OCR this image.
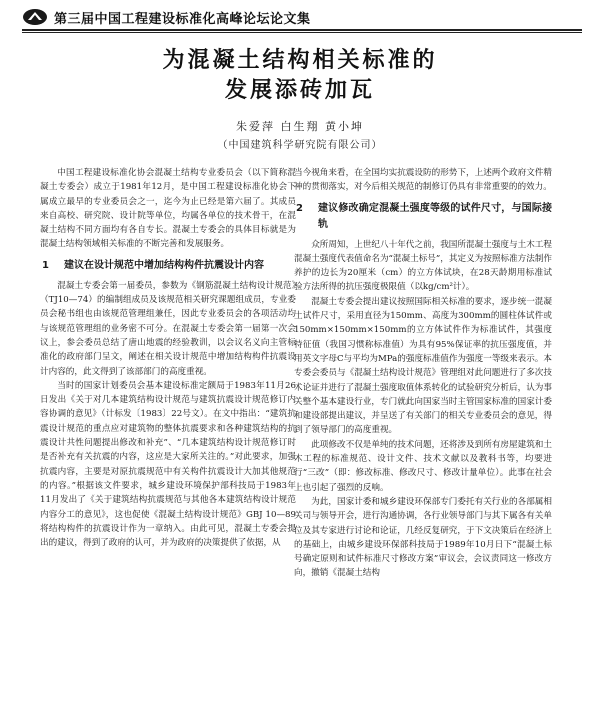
第三届中国工程建设标准化高峰论坛论文集
为混凝土结构相关标准的
发展添砖加瓦
朱爱萍 白生翔 黄小坤
（中国建筑科学研究院有限公司）

中国工程建设标准化协会混凝土结构专业委员会（以下简称混凝土专委会）成立于1981年12月，是中国工程建设标准化协会下属成立最早的专业委员会之一，迄今为止已经是第六届了。其成员来自高校、研究院、设计院等单位，均属各单位的技术骨干，在混凝土结构不同方面均有各自专长。混凝土专委会的具体目标就是为混凝土结构领域相关标准的不断完善和发展服务。

1	建议在设计规范中增加结构构件抗震设计内容

混凝土专委会第一届委员，参数为《钢筋混凝土结构设计规范》（TJ10—74）的编制组成员及该规范相关研究课题组成员，专业委员会秘书组也由该规范管理组兼任，因此专业委员会的各项活动均与该规范管理组的业务密不可分。在混凝土专委会第一届第一次会议上，参会委员总结了唐山地震的经验教训，以会议名义向主管标准化的政府部门呈文，阐述在相关设计规范中增加结构构件抗震设计内容的，此文得到了该部部门的高度重视。

当时的国家计划委员会基本建设标准定额局于1983年11月26日发出《关于对几本建筑结构设计规范与建筑抗震设计规范修订内容协调的意见》（计标发〔1983〕22号文）。在文中指出：“建筑抗震设计规范的重点应对建筑物的整体抗震要求和各种建筑结构的抗震设计共性问题提出修改和补充”、“几本建筑结构设计规范修订时是否补充有关抗震的内容，这应是大家所关注的。”对此要求，加强抗震内容，主要是对原抗震规范中有关构件抗震设计大加其他规范的内容。”根据该文件要求，城乡建设环境保护部科技局于1983年11月发出了《关于建筑结构抗震规范与其他各本建筑结构设计规范内容分工的意见》，这也促使《混凝土结构设计规范》GBJ 10—89将结构构件的抗震设计作为一章纳入。由此可见，混凝土专委会提出的建议，得到了政府的认可，并为政府的决策提供了依据，从

当今视角来看，在全国均实抗震设防的形势下，上述两个政府文件精神的贯彻落实，对今后相关规范的制修订仍具有非常重要的的效力。

2	建议修改确定混凝土强度等级的试件尺寸，与国际接轨

众所周知，上世纪八十年代之前，我国所混凝土强度与土木工程混凝土强度代表值命名为“混凝土标号”，其定义为按照标准方法制作养护的边长为20厘米（cm）的立方体试块，在28天龄期用标准试验方法所得的抗压强度极限值（以kg/cm²计）。

混凝土专委会提出建议按照国际相关标准的要求，逐步统一混凝土试件尺寸，采用直径为150mm、高度为300mm的圆柱体试件或150mm×150mm×150mm的立方体试件作为标准试件，其强度特征值（我国习惯称标准值）为具有95%保证率的抗压强度值，并用英文字母C与平均为MPa的强度标准值作为强度一等级来表示。本专委会委员与《混凝土结构设计规范》管理组对此问题进行了多次技术论证并进行了混凝土强度取值体系转化的试验研究分析后，认为事关整个基本建设行业，专门就此向国家当时主管国家标准的国家计委和建设部提出建议，并呈送了有关部门的相关专业委员会的意见，得到了领导部门的高度重视。

此项修改不仅是单纯的技术问题，还将涉及到所有房屋建筑和土木工程的标准规范、设计文件、技术文献以及教科书等，均要进行“三改”（即：修改标准、修改尺寸、修改计量单位）。此事在社会上也引起了强烈的反响。

为此，国家计委和城乡建设环保部专门委托有关行业的各部属相关司与领导开会，进行沟通协调，各行业领导部门与其下属各有关单位及其专家进行讨论和论证，几经反复研究，于下文决策后在经济上的基础上，由城乡建设环保部科技局于1989年10月日下“混凝土标号确定原则和试件标准尺寸修改方案”审议会，会议责同这一修改方向，撤销《混凝土结构
